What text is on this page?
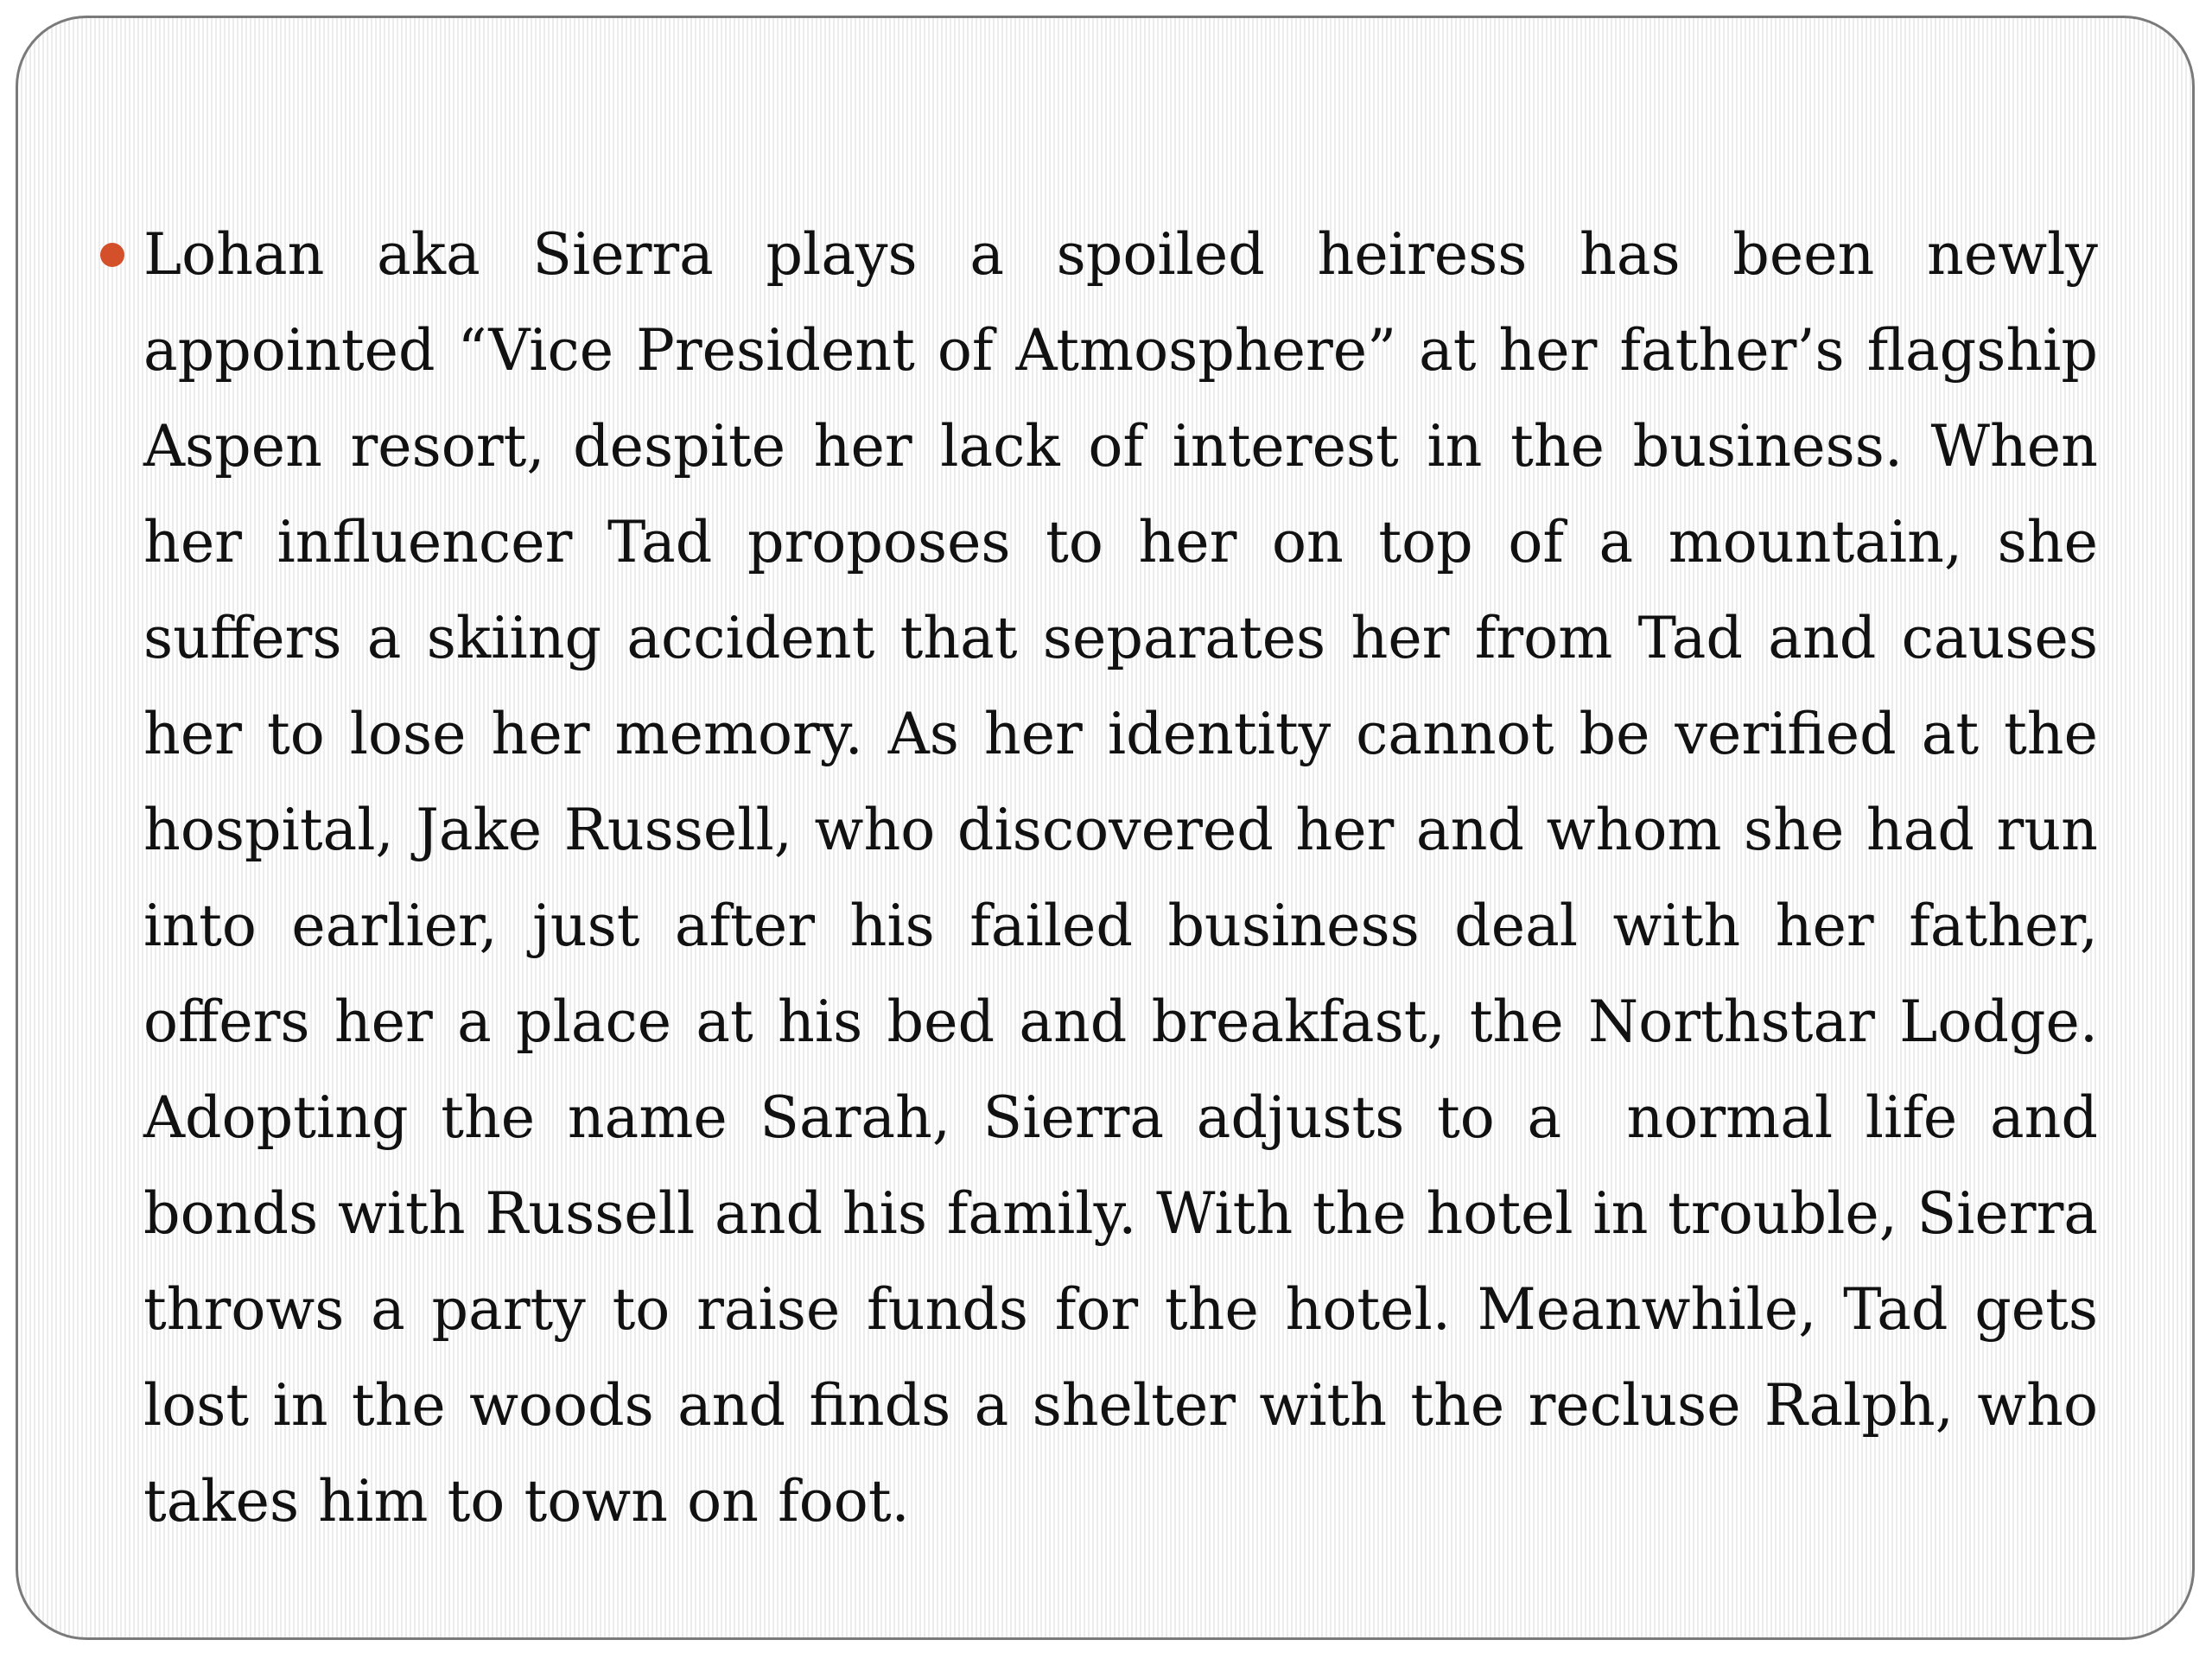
Lohan aka Sierra plays a spoiled heiress has been newly appointed “Vice President of Atmosphere” at her father’s flagship Aspen resort, despite her lack of interest in the business. When her influencer Tad proposes to her on top of a mountain, she suffers a skiing accident that separates her from Tad and causes her to lose her memory. As her identity cannot be verified at the hospital, Jake Russell, who discovered her and whom she had run into earlier, just after his failed business deal with her father, offers her a place at his bed and breakfast, the Northstar Lodge.  Adopting the name Sarah, Sierra adjusts to a  normal life and bonds with Russell and his family. With the hotel in trouble, Sierra throws a party to raise funds for the hotel. Meanwhile, Tad gets lost in the woods and finds a shelter with the recluse Ralph, who takes him to town on foot.
